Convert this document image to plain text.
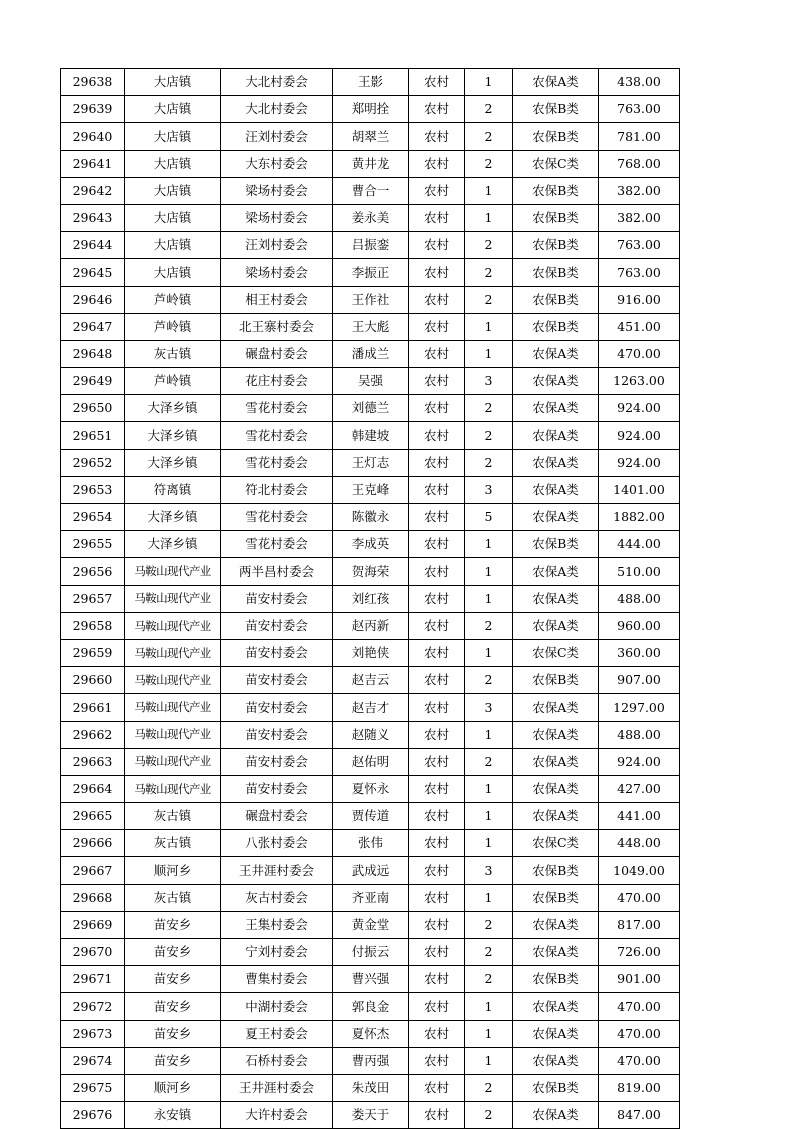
29638	大店镇	大北村委会	王影	农村	1	农保A类	438.00
29639	大店镇	大北村委会	郑明拴	农村	2	农保B类	763.00
29640	大店镇	汪刘村委会	胡翠兰	农村	2	农保B类	781.00
29641	大店镇	大东村委会	黄井龙	农村	2	农保C类	768.00
29642	大店镇	梁场村委会	曹合一	农村	1	农保B类	382.00
29643	大店镇	梁场村委会	姜永美	农村	1	农保B类	382.00
29644	大店镇	汪刘村委会	吕振銮	农村	2	农保B类	763.00
29645	大店镇	梁场村委会	李振正	农村	2	农保B类	763.00
29646	芦岭镇	相王村委会	王作社	农村	2	农保B类	916.00
29647	芦岭镇	北王寨村委会	王大彪	农村	1	农保B类	451.00
29648	灰古镇	碾盘村委会	潘成兰	农村	1	农保A类	470.00
29649	芦岭镇	花庄村委会	吴强	农村	3	农保A类	1263.00
29650	大泽乡镇	雪花村委会	刘德兰	农村	2	农保A类	924.00
29651	大泽乡镇	雪花村委会	韩建坡	农村	2	农保A类	924.00
29652	大泽乡镇	雪花村委会	王灯志	农村	2	农保A类	924.00
29653	符离镇	符北村委会	王克峰	农村	3	农保A类	1401.00
29654	大泽乡镇	雪花村委会	陈徽永	农村	5	农保A类	1882.00
29655	大泽乡镇	雪花村委会	李成英	农村	1	农保B类	444.00
29656	马鞍山现代产业	两半昌村委会	贺海荣	农村	1	农保A类	510.00
29657	马鞍山现代产业	苗安村委会	刘红孩	农村	1	农保A类	488.00
29658	马鞍山现代产业	苗安村委会	赵丙新	农村	2	农保A类	960.00
29659	马鞍山现代产业	苗安村委会	刘艳侠	农村	1	农保C类	360.00
29660	马鞍山现代产业	苗安村委会	赵吉云	农村	2	农保B类	907.00
29661	马鞍山现代产业	苗安村委会	赵吉才	农村	3	农保A类	1297.00
29662	马鞍山现代产业	苗安村委会	赵随义	农村	1	农保A类	488.00
29663	马鞍山现代产业	苗安村委会	赵佑明	农村	2	农保A类	924.00
29664	马鞍山现代产业	苗安村委会	夏怀永	农村	1	农保A类	427.00
29665	灰古镇	碾盘村委会	贾传道	农村	1	农保A类	441.00
29666	灰古镇	八张村委会	张伟	农村	1	农保C类	448.00
29667	顺河乡	王井涯村委会	武成远	农村	3	农保B类	1049.00
29668	灰古镇	灰古村委会	齐亚南	农村	1	农保B类	470.00
29669	苗安乡	王集村委会	黄金堂	农村	2	农保A类	817.00
29670	苗安乡	宁刘村委会	付振云	农村	2	农保A类	726.00
29671	苗安乡	曹集村委会	曹兴强	农村	2	农保B类	901.00
29672	苗安乡	中湖村委会	郭良金	农村	1	农保A类	470.00
29673	苗安乡	夏王村委会	夏怀杰	农村	1	农保A类	470.00
29674	苗安乡	石桥村委会	曹丙强	农村	1	农保A类	470.00
29675	顺河乡	王井涯村委会	朱茂田	农村	2	农保B类	819.00
29676	永安镇	大许村委会	娄天于	农村	2	农保A类	847.00
